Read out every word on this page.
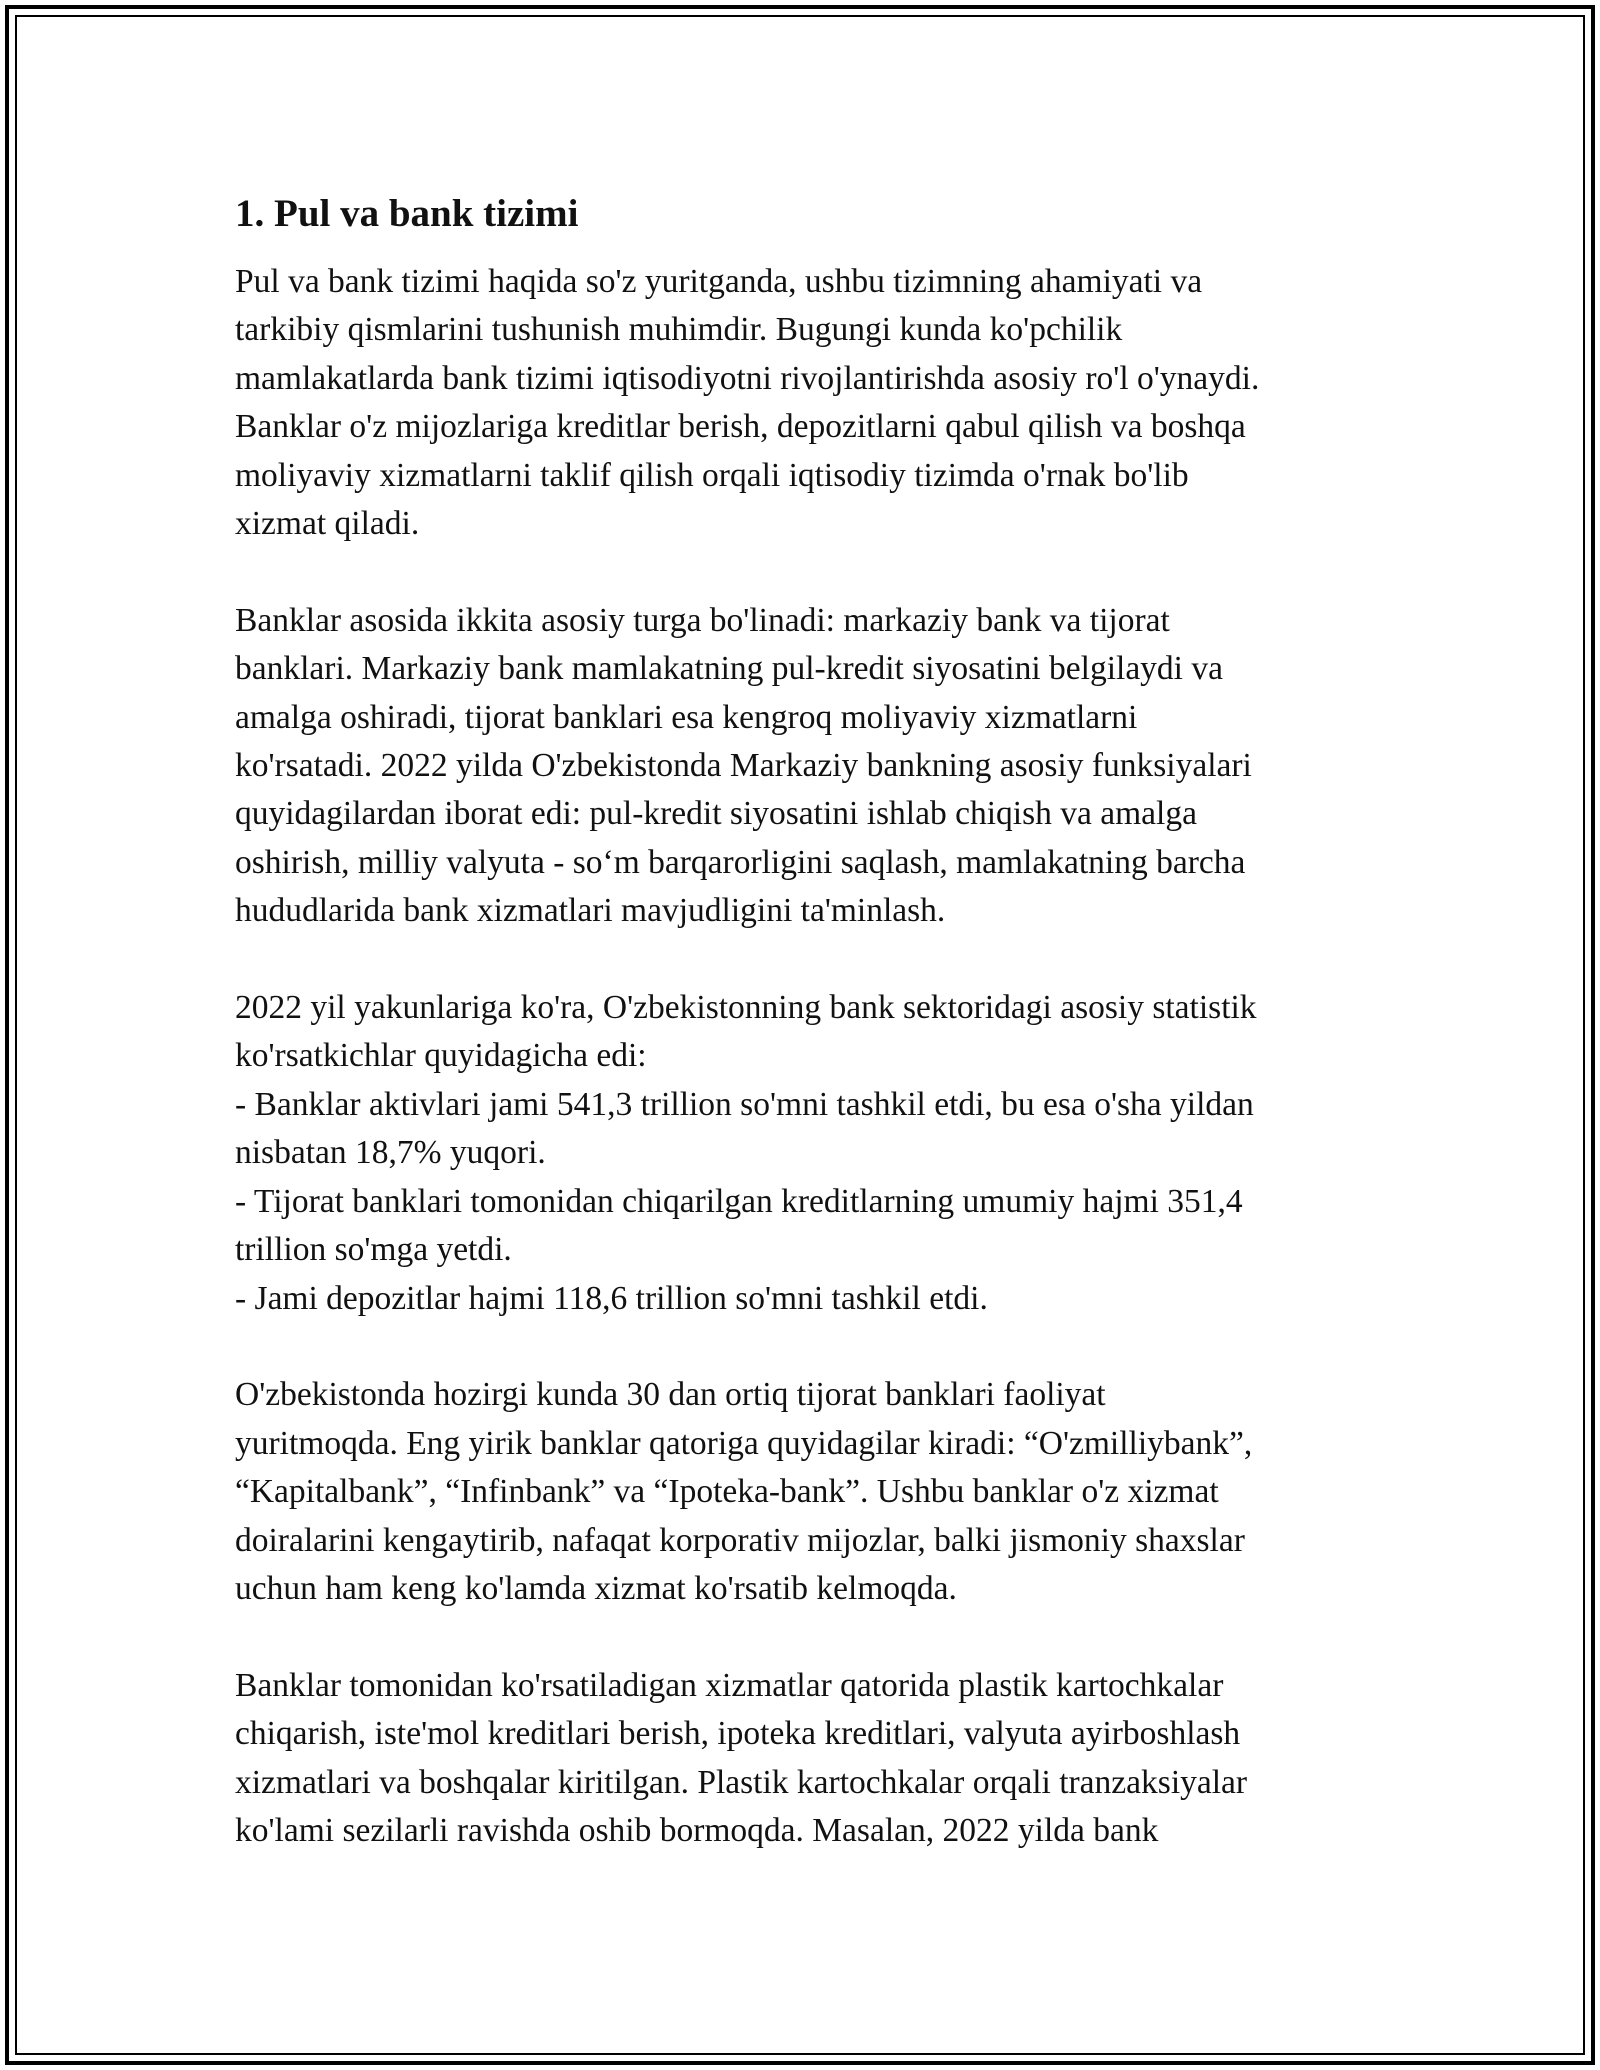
1. Pul va bank tizimi
Pul va bank tizimi haqida so'z yuritganda, ushbu tizimning ahamiyati va
tarkibiy qismlarini tushunish muhimdir. Bugungi kunda ko'pchilik
mamlakatlarda bank tizimi iqtisodiyotni rivojlantirishda asosiy ro'l o'ynaydi.
Banklar o'z mijozlariga kreditlar berish, depozitlarni qabul qilish va boshqa
moliyaviy xizmatlarni taklif qilish orqali iqtisodiy tizimda o'rnak bo'lib
xizmat qiladi.
Banklar asosida ikkita asosiy turga bo'linadi: markaziy bank va tijorat
banklari. Markaziy bank mamlakatning pul-kredit siyosatini belgilaydi va
amalga oshiradi, tijorat banklari esa kengroq moliyaviy xizmatlarni
ko'rsatadi. 2022 yilda O'zbekistonda Markaziy bankning asosiy funksiyalari
quyidagilardan iborat edi: pul-kredit siyosatini ishlab chiqish va amalga
oshirish, milliy valyuta - so‘m barqarorligini saqlash, mamlakatning barcha
hududlarida bank xizmatlari mavjudligini ta'minlash.
2022 yil yakunlariga ko'ra, O'zbekistonning bank sektoridagi asosiy statistik
ko'rsatkichlar quyidagicha edi:
- Banklar aktivlari jami 541,3 trillion so'mni tashkil etdi, bu esa o'sha yildan
nisbatan 18,7% yuqori.
- Tijorat banklari tomonidan chiqarilgan kreditlarning umumiy hajmi 351,4
trillion so'mga yetdi.
- Jami depozitlar hajmi 118,6 trillion so'mni tashkil etdi.
O'zbekistonda hozirgi kunda 30 dan ortiq tijorat banklari faoliyat
yuritmoqda. Eng yirik banklar qatoriga quyidagilar kiradi: “O'zmilliybank”,
“Kapitalbank”, “Infinbank” va “Ipoteka-bank”. Ushbu banklar o'z xizmat
doiralarini kengaytirib, nafaqat korporativ mijozlar, balki jismoniy shaxslar
uchun ham keng ko'lamda xizmat ko'rsatib kelmoqda.
Banklar tomonidan ko'rsatiladigan xizmatlar qatorida plastik kartochkalar
chiqarish, iste'mol kreditlari berish, ipoteka kreditlari, valyuta ayirboshlash
xizmatlari va boshqalar kiritilgan. Plastik kartochkalar orqali tranzaksiyalar
ko'lami sezilarli ravishda oshib bormoqda. Masalan, 2022 yilda bank
